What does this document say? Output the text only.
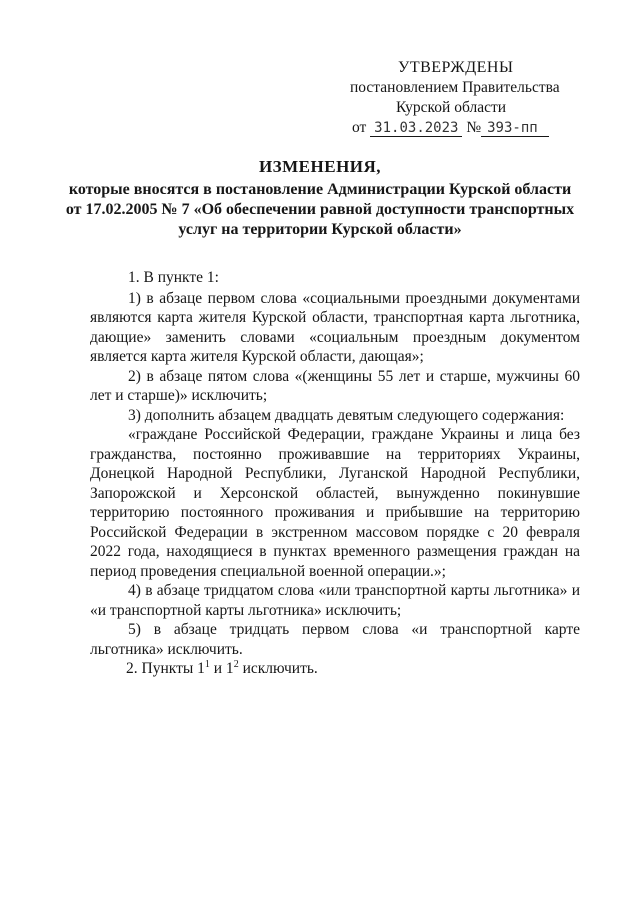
УТВЕРЖДЕНЫ
постановлением Правительства
Курской области
от 31.03.2023 № 393-пп
ИЗМЕНЕНИЯ,
которые вносятся в постановление Администрации Курской области
от 17.02.2005 № 7 «Об обеспечении равной доступности транспортных
услуг на территории Курской области»

1. В пункте 1:

1) в абзаце первом слова «социальными проездными документами являются карта жителя Курской области, транспортная карта льготника, дающие» заменить словами «социальным проездным документом является карта жителя Курской области, дающая»;

2) в абзаце пятом слова «(женщины 55 лет и старше, мужчины 60 лет и старше)» исключить;

3) дополнить абзацем двадцать девятым следующего содержания:

«граждане Российской Федерации, граждане Украины и лица без гражданства, постоянно проживавшие на территориях Украины, Донецкой Народной Республики, Луганской Народной Республики, Запорожской и Херсонской областей, вынужденно покинувшие территорию постоянного проживания и прибывшие на территорию Российской Федерации в экстренном массовом порядке с 20 февраля 2022 года, находящиеся в пунктах временного размещения граждан на период проведения специальной военной операции.»;

4) в абзаце тридцатом слова «или транспортной карты льготника» и «и транспортной карты льготника» исключить;

5) в абзаце тридцать первом слова «и транспортной карте льготника» исключить.

2. Пункты $1^1$ и $1^2$ исключить.
